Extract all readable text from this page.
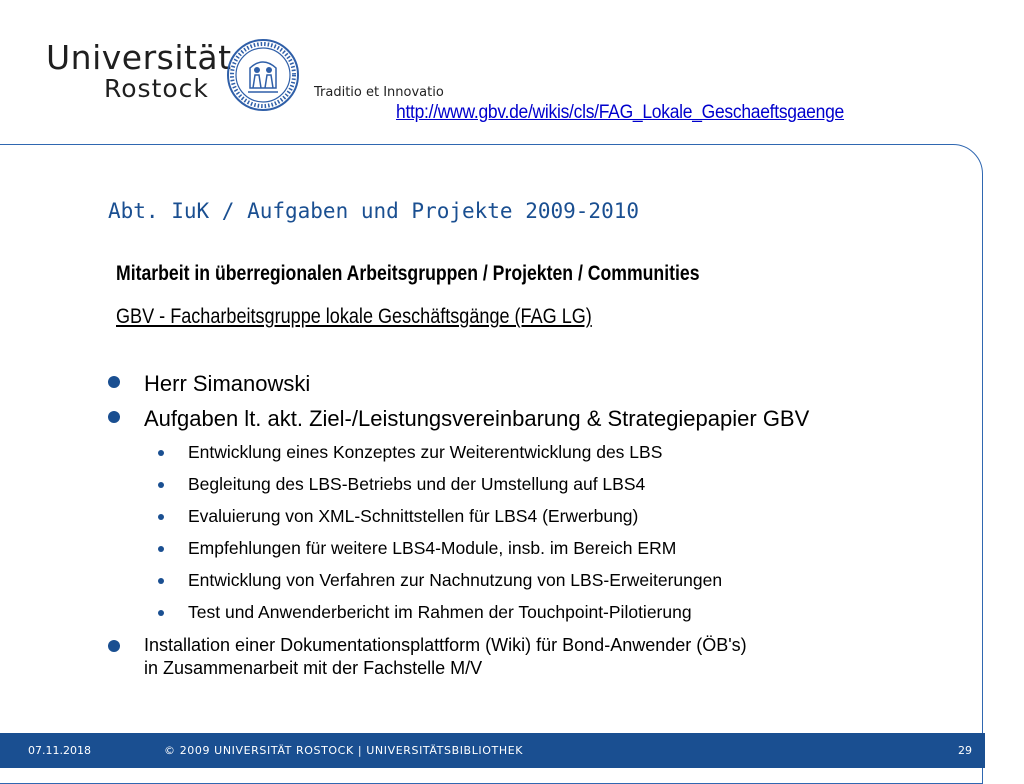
Universität
Rostock	Traditio et Innovatio
http://www.gbv.de/wikis/cls/FAG_Lokale_Geschaeftsgaenge
Abt. IuK / Aufgaben und Projekte 2009-2010
Mitarbeit in überregionalen Arbeitsgruppen / Projekten / Communities
GBV - Facharbeitsgruppe lokale Geschäftsgänge (FAG LG)
Herr Simanowski
Aufgaben lt. akt. Ziel-/Leistungsvereinbarung & Strategiepapier GBV
Entwicklung eines Konzeptes zur Weiterentwicklung des LBS
Begleitung des LBS-Betriebs und der Umstellung auf LBS4
Evaluierung von XML-Schnittstellen für LBS4 (Erwerbung)
Empfehlungen für weitere LBS4-Module, insb. im Bereich ERM
Entwicklung von Verfahren zur Nachnutzung von LBS-Erweiterungen
Test und Anwenderbericht im Rahmen der Touchpoint-Pilotierung
Installation einer Dokumentationsplattform (Wiki) für Bond-Anwender (ÖB's)
in Zusammenarbeit mit der Fachstelle M/V
07.11.2018	© 2009 UNIVERSITÄT ROSTOCK | UNIVERSITÄTSBIBLIOTHEK	29
